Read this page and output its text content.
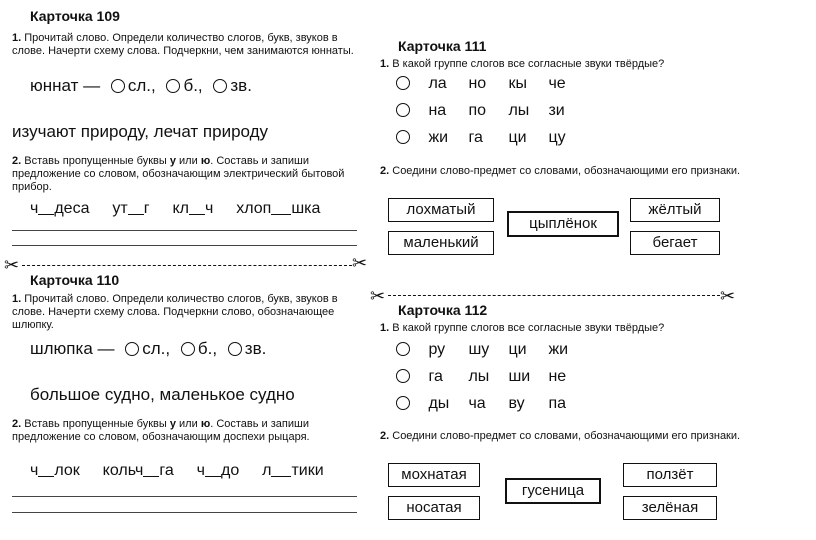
Карточка 109
1. Прочитай слово. Определи количество слогов, букв, звуков в слове. Начерти схему слова. Подчеркни, чем занимаются юннаты.
юннат — сл., б., зв.
изучают природу, лечат природу
2. Вставь пропущенные буквы у или ю. Составь и запиши предложение со словом, обозначающим электрический бытовой прибор.
ч деса ут г кл ч хлоп шка
✂	✂
Карточка 110
1. Прочитай слово. Определи количество слогов, букв, звуков в слове. Начерти схему слова. Подчеркни слово, обозначающее шлюпку.
шлюпка — сл., б., зв.
большое судно, маленькое судно
2. Вставь пропущенные буквы у или ю. Составь и запиши предложение со словом, обозначающим доспехи рыцаря.
ч лок кольч га ч до л тики
Карточка 111
1. В какой группе слогов все согласные звуки твёрдые?
ла но кы че
на по лы зи
жи га ци цу
2. Соедини слово-предмет со словами, обозначающими его признаки.
лохматый
маленький
цыплёнок
жёлтый
бегает
✂	✂
Карточка 112
1. В какой группе слогов все согласные звуки твёрдые?
ру шу ци жи
га лы ши не
ды ча ву па
2. Соедини слово-предмет со словами, обозначающими его признаки.
мохнатая
носатая
гусеница
ползёт
зелёная
